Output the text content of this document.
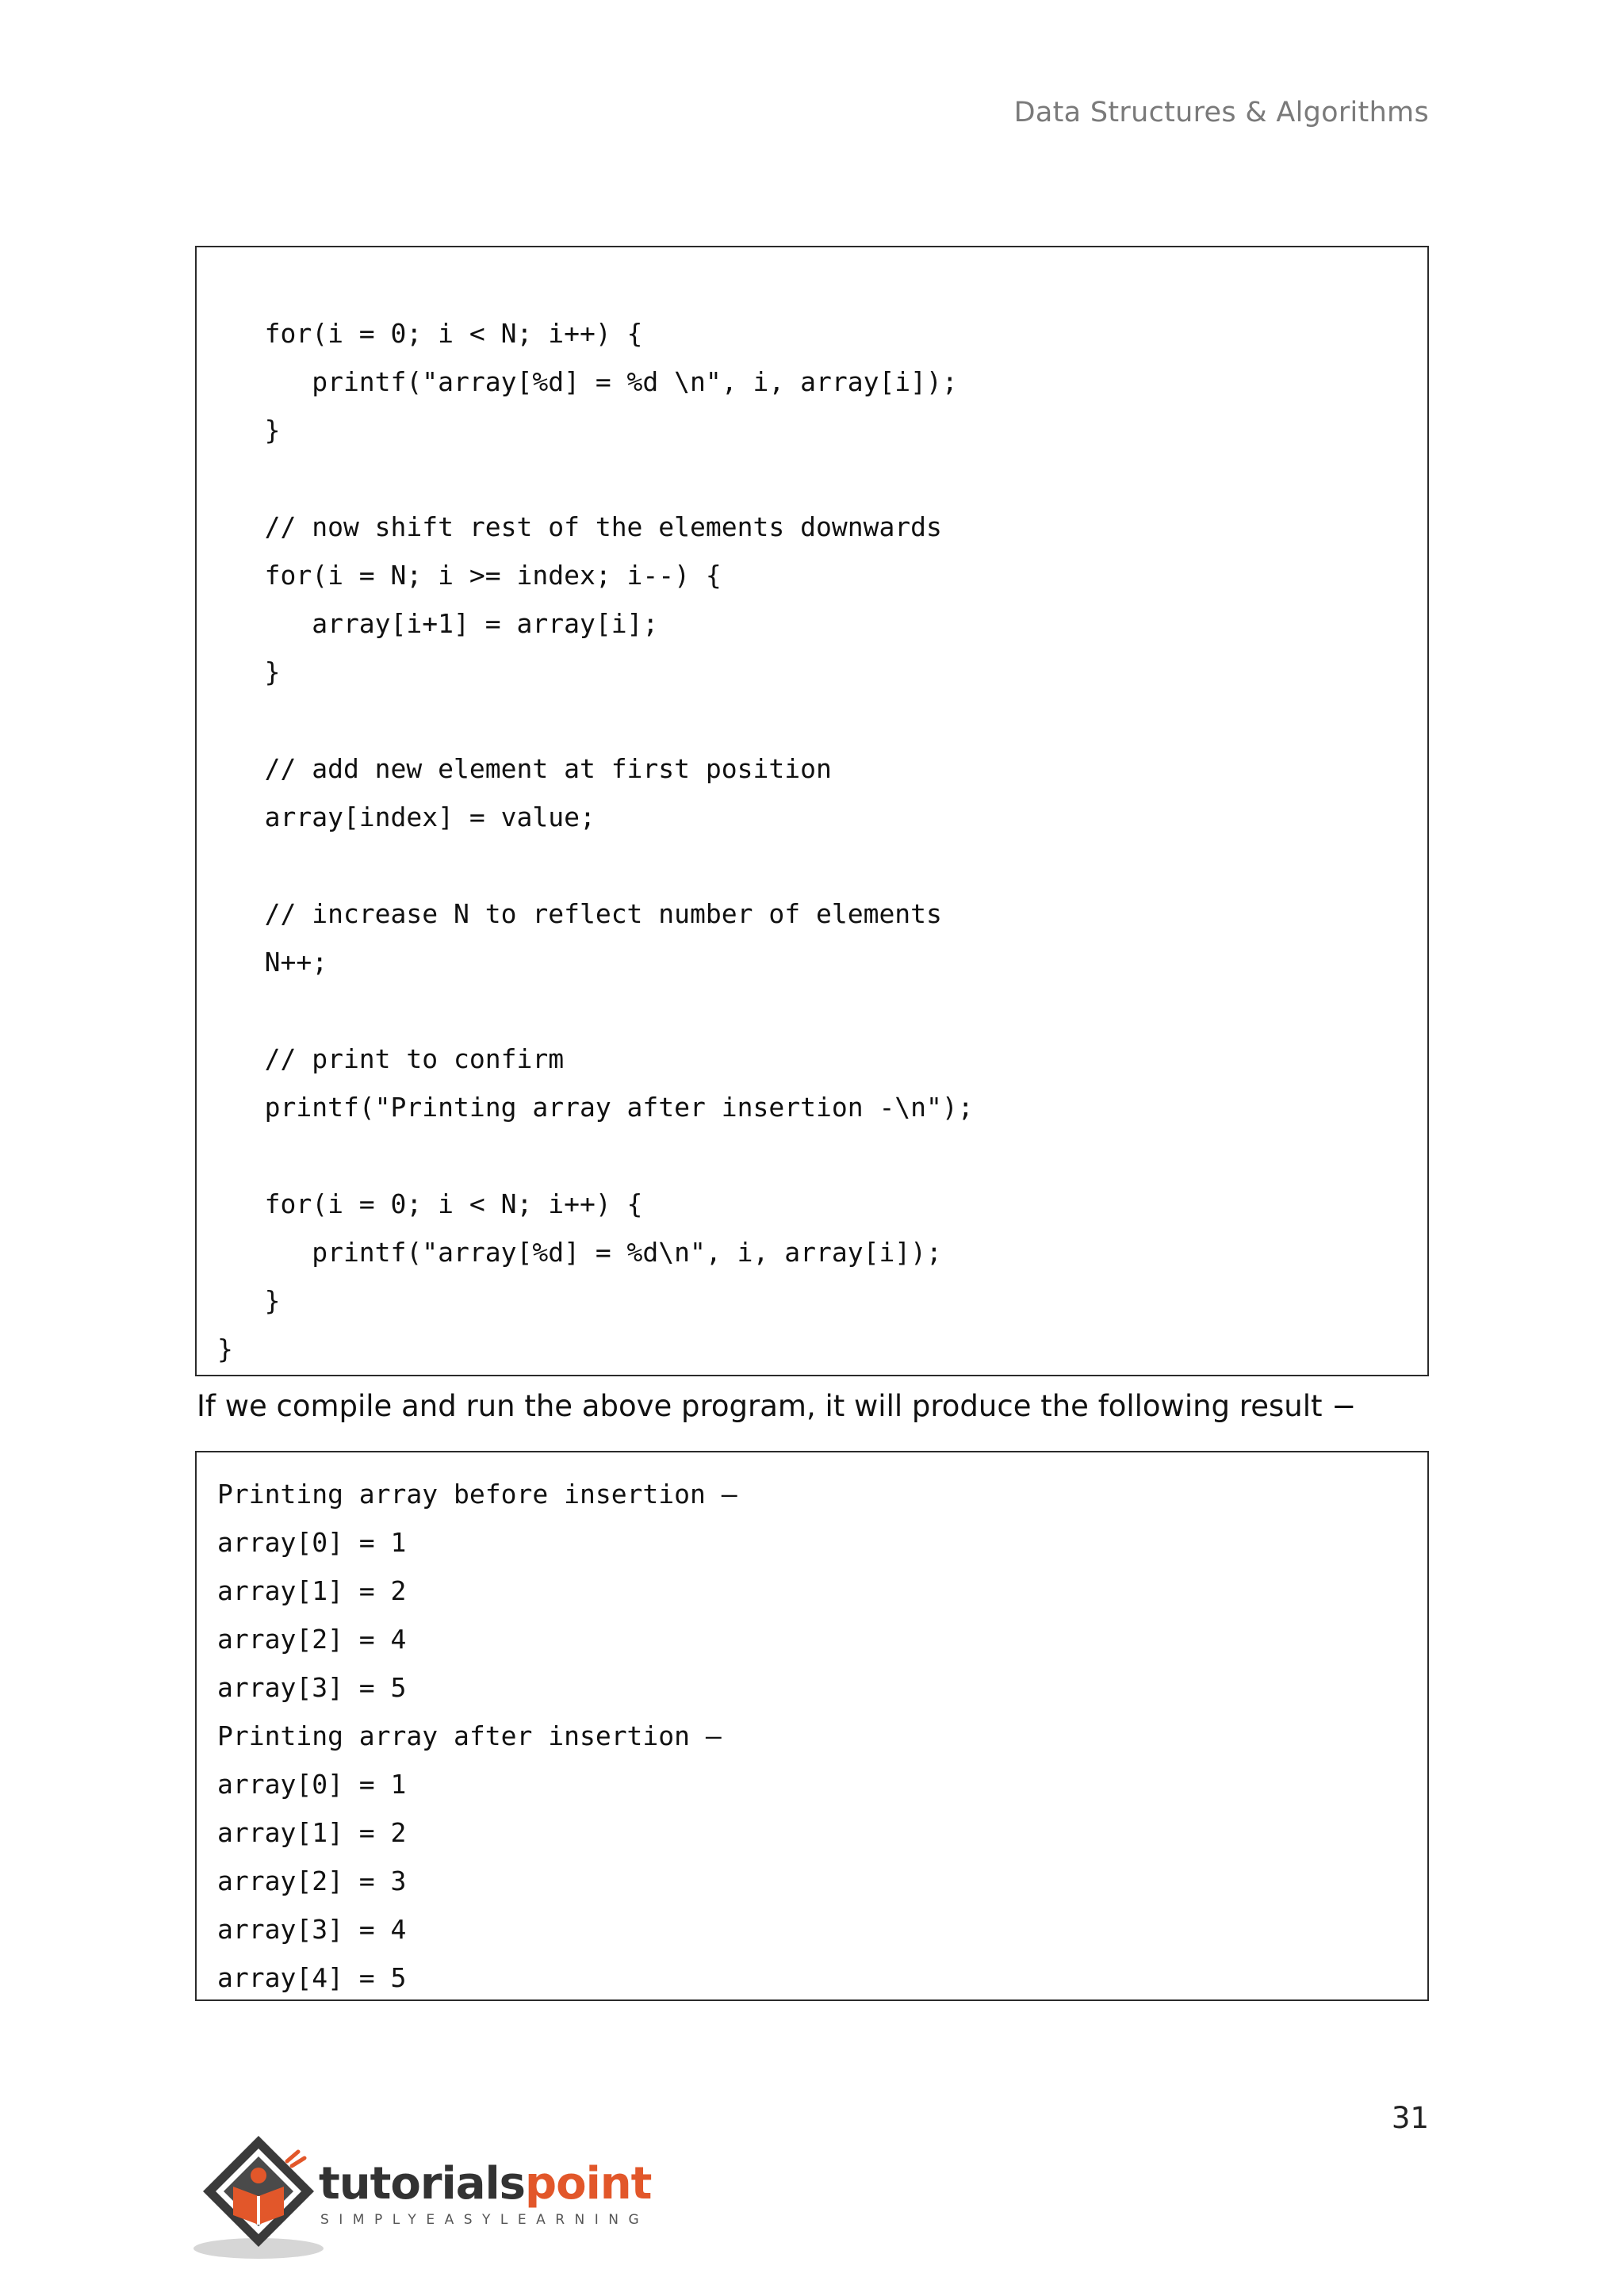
Data Structures & Algorithms
for(i = 0; i < N; i++) {
printf("array[%d] = %d \n", i, array[i]);
}
// now shift rest of the elements downwards
for(i = N; i >= index; i--) {
array[i+1] = array[i];
}
// add new element at first position
array[index] = value;
// increase N to reflect number of elements
N++;
// print to confirm
printf("Printing array after insertion -\n");
for(i = 0; i < N; i++) {
printf("array[%d] = %d\n", i, array[i]);
}
}
If we compile and run the above program, it will produce the following result −
Printing array before insertion –
array[0] = 1
array[1] = 2
array[2] = 4
array[3] = 5
Printing array after insertion –
array[0] = 1
array[1] = 2
array[2] = 3
array[3] = 4
array[4] = 5
31
tutorialspoint
SIMPLYEASYLEARNING
